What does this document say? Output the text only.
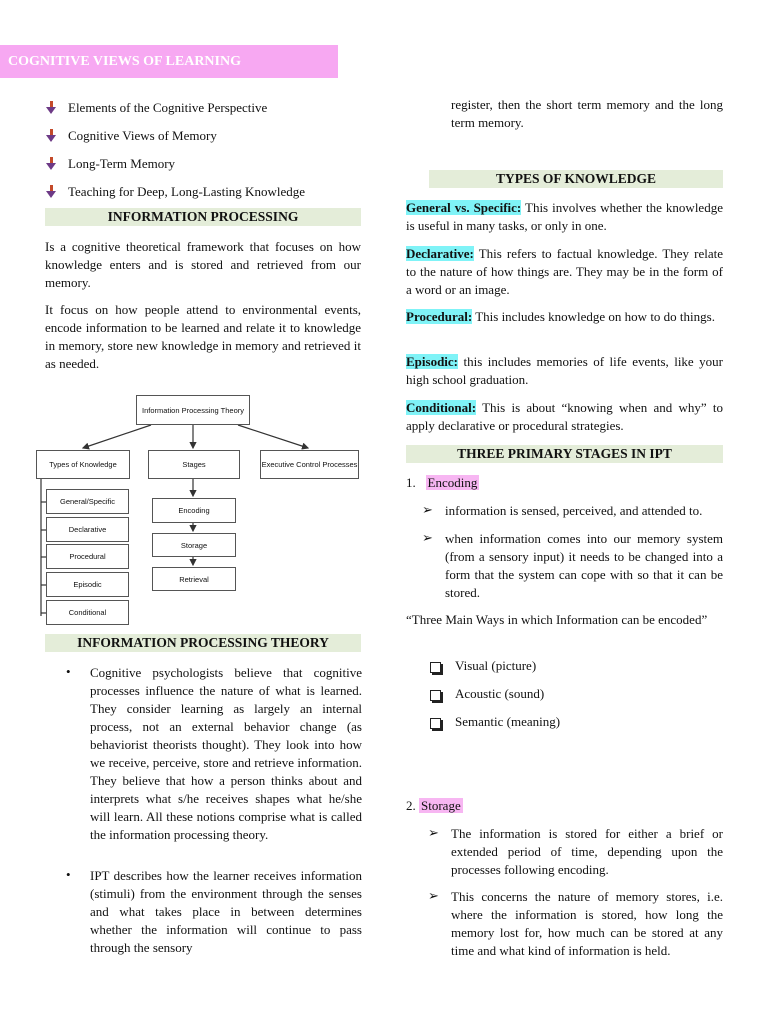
COGNITIVE VIEWS OF LEARNING
Elements of the Cognitive Perspective
Cognitive Views of Memory
Long-Term Memory
Teaching for Deep, Long-Lasting Knowledge
INFORMATION PROCESSING

Is a cognitive theoretical framework that focuses on how knowledge enters and is stored and retrieved from our memory.

It focus on how people attend to environmental events, encode information to be learned and relate it to knowledge in memory, store new knowledge in memory and retrieved it as needed.

Information Processing Theory
Types of Knowledge	Stages	Executive Control Processes
General/Specific
Declarative
Procedural
Episodic
Conditional
Encoding
Storage
Retrieval
INFORMATION PROCESSING THEORY
• Cognitive psychologists believe that cognitive processes influence the nature of what is learned. They consider learning as largely an internal process, not an external behavior change (as behaviorist theorists thought). They look into how we receive, perceive, store and retrieve information. They believe that how a person thinks about and interprets what s/he receives shapes what he/she will learn. All these notions comprise what is called the information processing theory.

• IPT describes how the learner receives information (stimuli) from the environment through the senses and what takes place in between determines whether the information will continue to pass through the sensory

register, then the short term memory and the long term memory.

TYPES OF KNOWLEDGE

General vs. Specific: This involves whether the knowledge is useful in many tasks, or only in one.

Declarative: This refers to factual knowledge. They relate to the nature of how things are. They may be in the form of a word or an image.

Procedural: This includes knowledge on how to do things.

Episodic: this includes memories of life events, like your high school graduation.

Conditional: This is about “knowing when and why” to apply declarative or procedural strategies.

THREE PRIMARY STAGES IN IPT
1. Encoding
➢ information is sensed, perceived, and attended to.

➢ when information comes into our memory system (from a sensory input) it needs to be changed into a form that the system can cope with so that it can be stored.

“Three Main Ways in which Information can be encoded”

Visual (picture)
Acoustic (sound)
Semantic (meaning)
2. Storage
➢ The information is stored for either a brief or extended period of time, depending upon the processes following encoding.

➢ This concerns the nature of memory stores, i.e. where the information is stored, how long the memory lost for, how much can be stored at any time and what kind of information is held.
